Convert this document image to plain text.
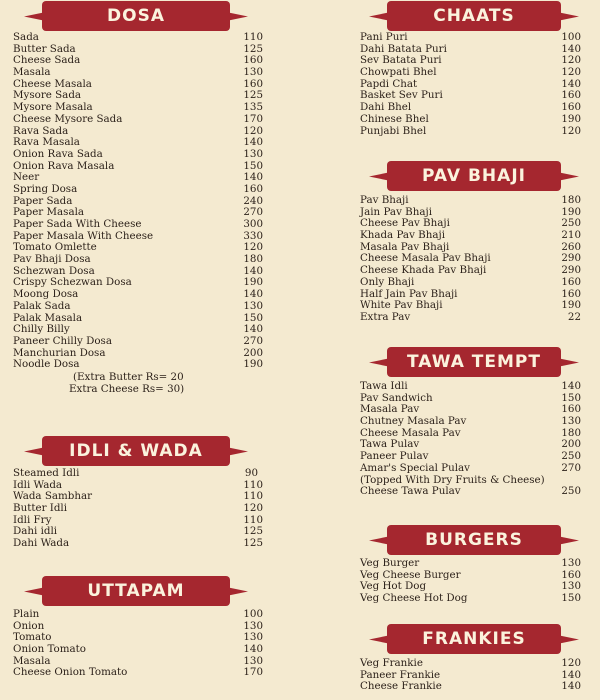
DOSA
Sada	110
Butter Sada	125
Cheese Sada	160
Masala	130
Cheese Masala	160
Mysore Sada	125
Mysore Masala	135
Cheese Mysore Sada	170
Rava Sada	120
Rava Masala	140
Onion Rava Sada	130
Onion Rava Masala	150
Neer	140
Spring Dosa	160
Paper Sada	240
Paper Masala	270
Paper Sada With Cheese	300
Paper Masala With Cheese	330
Tomato Omlette	120
Pav Bhaji Dosa	180
Schezwan Dosa	140
Crispy Schezwan Dosa	190
Moong Dosa	140
Palak Sada	130
Palak Masala	150
Chilly Billy	140
Paneer Chilly Dosa	270
Manchurian Dosa	200
Noodle Dosa	190
(Extra Butter Rs= 20
Extra Cheese Rs= 30)
IDLI & WADA
Steamed Idli	90
Idli Wada	110
Wada Sambhar	110
Butter Idli	120
Idli Fry	110
Dahi idli	125
Dahi Wada	125
UTTAPAM
Plain	100
Onion	130
Tomato	130
Onion Tomato	140
Masala	130
Cheese Onion Tomato	170
CHAATS
Pani Puri	100
Dahi Batata Puri	140
Sev Batata Puri	120
Chowpati Bhel	120
Papdi Chat	140
Basket Sev Puri	160
Dahi Bhel	160
Chinese Bhel	190
Punjabi Bhel	120
PAV BHAJI
Pav Bhaji	180
Jain Pav Bhaji	190
Cheese Pav Bhaji	250
Khada Pav Bhaji	210
Masala Pav Bhaji	260
Cheese Masala Pav Bhaji	290
Cheese Khada Pav Bhaji	290
Only Bhaji	160
Half Jain Pav Bhaji	160
White Pav Bhaji	190
Extra Pav	22
TAWA TEMPT
Tawa Idli	140
Pav Sandwich	150
Masala Pav	160
Chutney Masala Pav	130
Cheese Masala Pav	180
Tawa Pulav	200
Paneer Pulav	250
Amar's Special Pulav	270
(Topped With Dry Fruits & Cheese)
Cheese Tawa Pulav	250
BURGERS
Veg Burger	130
Veg Cheese Burger	160
Veg Hot Dog	130
Veg Cheese Hot Dog	150
FRANKIES
Veg Frankie	120
Paneer Frankie	140
Cheese Frankie	140
